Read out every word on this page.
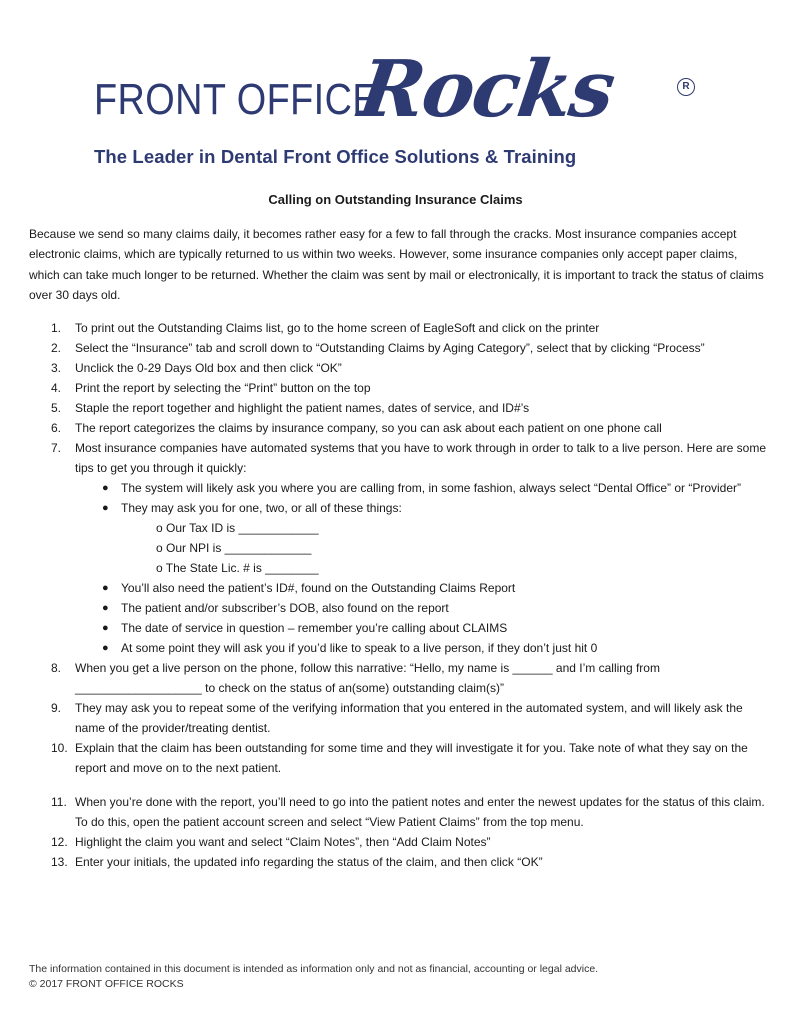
FRONT OFFICE
Rocks	R
The Leader in Dental Front Office Solutions & Training
Calling on Outstanding Insurance Claims

Because we send so many claims daily, it becomes rather easy for a few to fall through the cracks. Most insurance companies accept electronic claims, which are typically returned to us within two weeks. However, some insurance companies only accept paper claims, which can take much longer to be returned. Whether the claim was sent by mail or electronically, it is important to track the status of claims over 30 days old.

1. To print out the Outstanding Claims list, go to the home screen of EagleSoft and click on the printer
2. Select the “Insurance” tab and scroll down to “Outstanding Claims by Aging Category”, select that by clicking “Process”
3. Unclick the 0-29 Days Old box and then click “OK”
4. Print the report by selecting the “Print” button on the top
5. Staple the report together and highlight the patient names, dates of service, and ID#’s
6. The report categorizes the claims by insurance company, so you can ask about each patient on one phone call
7. Most insurance companies have automated systems that you have to work through in order to talk to a live person. Here are some tips to get you through it quickly:
● The system will likely ask you where you are calling from, in some fashion, always select “Dental Office” or “Provider”
● They may ask you for one, two, or all of these things:
o Our Tax ID is ____________
o Our NPI is _____________
o The State Lic. # is ________
● You’ll also need the patient’s ID#, found on the Outstanding Claims Report
● The patient and/or subscriber’s DOB, also found on the report
● The date of service in question – remember you’re calling about CLAIMS
● At some point they will ask you if you’d like to speak to a live person, if they don’t just hit 0
8. When you get a live person on the phone, follow this narrative: “Hello, my name is ______ and I’m calling from ___________________ to check on the status of an(some) outstanding claim(s)”
9. They may ask you to repeat some of the verifying information that you entered in the automated system, and will likely ask the name of the provider/treating dentist.
10. Explain that the claim has been outstanding for some time and they will investigate it for you. Take note of what they say on the report and move on to the next patient.
11. When you’re done with the report, you’ll need to go into the patient notes and enter the newest updates for the status of this claim. To do this, open the patient account screen and select “View Patient Claims” from the top menu.
12. Highlight the claim you want and select “Claim Notes”, then “Add Claim Notes”
13. Enter your initials, the updated info regarding the status of the claim, and then click “OK”
The information contained in this document is intended as information only and not as financial, accounting or legal advice.
© 2017 FRONT OFFICE ROCKS
